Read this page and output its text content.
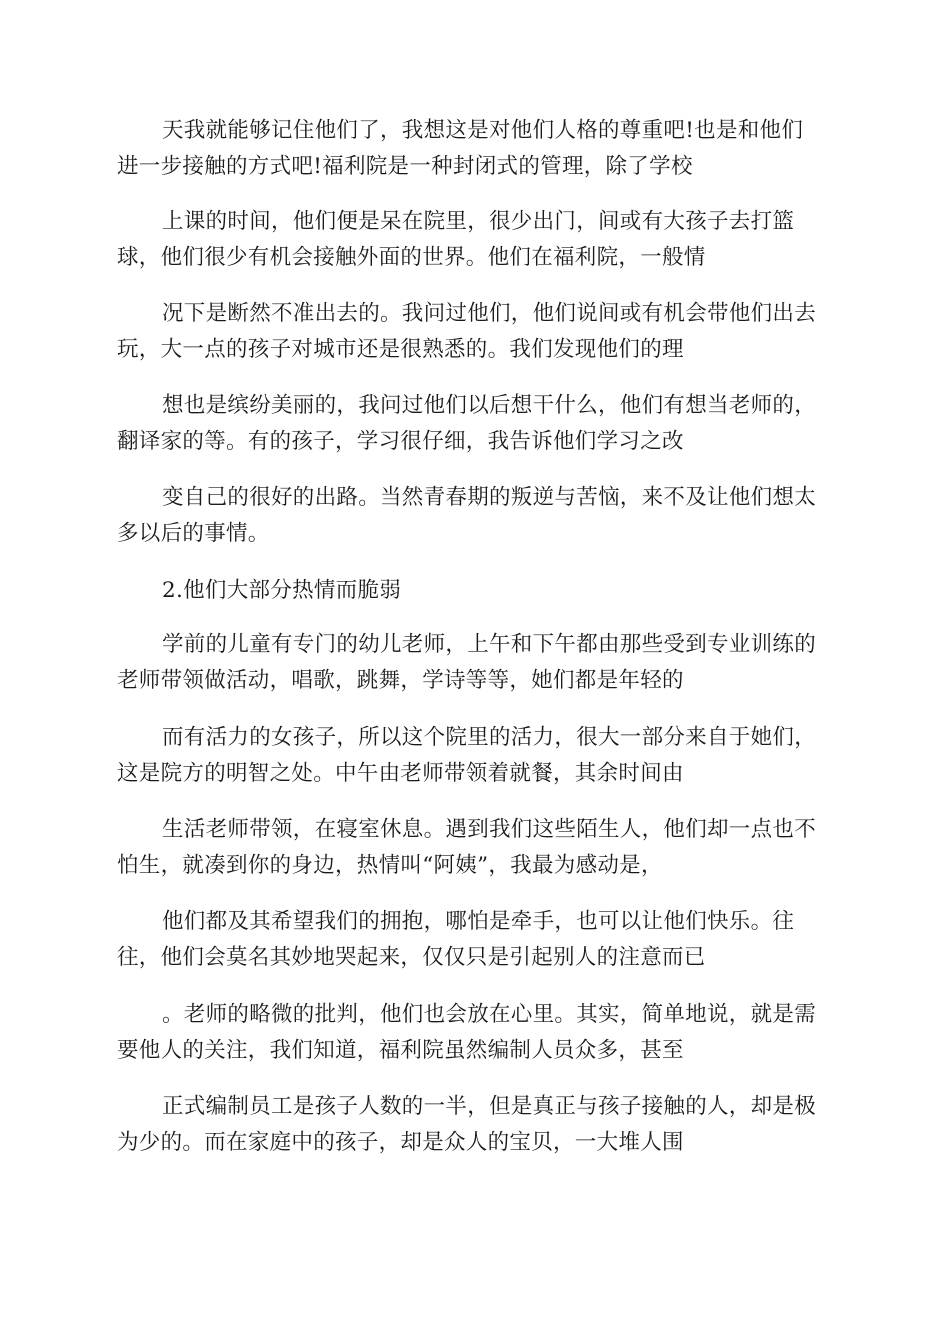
天我就能够记住他们了，我想这是对他们人格的尊重吧!也是和他们
进一步接触的方式吧!福利院是一种封闭式的管理，除了学校

上课的时间，他们便是呆在院里，很少出门，间或有大孩子去打篮
球，他们很少有机会接触外面的世界。他们在福利院，一般情

况下是断然不准出去的。我问过他们，他们说间或有机会带他们出去
玩，大一点的孩子对城市还是很熟悉的。我们发现他们的理

想也是缤纷美丽的，我问过他们以后想干什么，他们有想当老师的，
翻译家的等。有的孩子，学习很仔细，我告诉他们学习之改

变自己的很好的出路。当然青春期的叛逆与苦恼，来不及让他们想太
多以后的事情。

2.他们大部分热情而脆弱

学前的儿童有专门的幼儿老师，上午和下午都由那些受到专业训练的
老师带领做活动，唱歌，跳舞，学诗等等，她们都是年轻的

而有活力的女孩子，所以这个院里的活力，很大一部分来自于她们，
这是院方的明智之处。中午由老师带领着就餐，其余时间由

生活老师带领，在寝室休息。遇到我们这些陌生人，他们却一点也不
怕生，就凑到你的身边，热情叫“阿姨”，我最为感动是，

他们都及其希望我们的拥抱，哪怕是牵手，也可以让他们快乐。往
往，他们会莫名其妙地哭起来，仅仅只是引起别人的注意而已

。老师的略微的批判，他们也会放在心里。其实，简单地说，就是需
要他人的关注，我们知道，福利院虽然编制人员众多，甚至

正式编制员工是孩子人数的一半，但是真正与孩子接触的人，却是极
为少的。而在家庭中的孩子，却是众人的宝贝，一大堆人围
